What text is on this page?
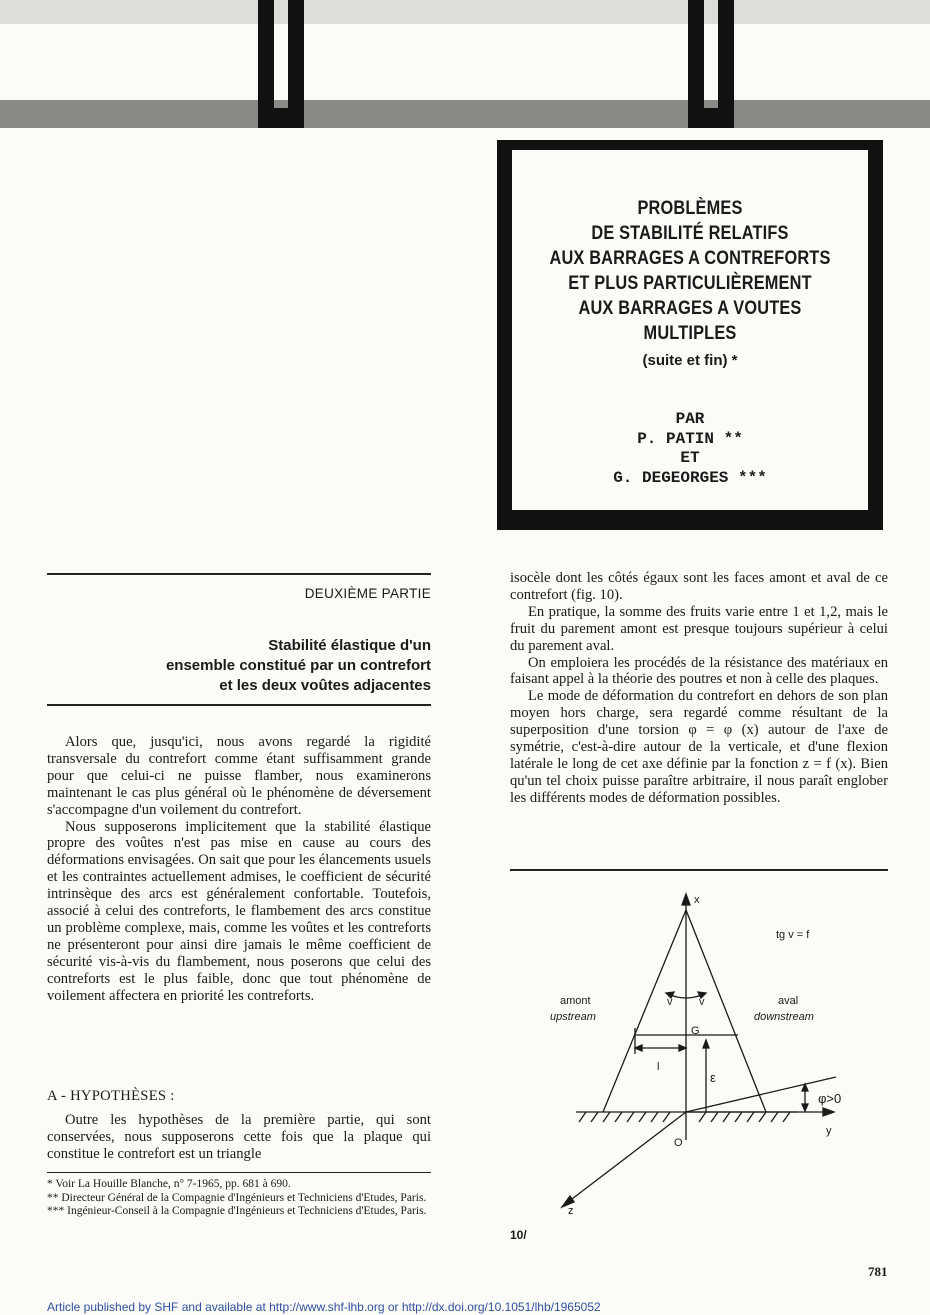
PROBLÈMES
DE STABILITÉ RELATIFS
AUX BARRAGES A CONTREFORTS
ET PLUS PARTICULIÈREMENT
AUX BARRAGES A VOUTES
MULTIPLES
(suite et fin) *
PAR
P. PATIN **
ET
G. DEGEORGES ***
DEUXIÈME PARTIE
Stabilité élastique d'un
ensemble constitué par un contrefort
et les deux voûtes adjacentes

Alors que, jusqu'ici, nous avons regardé la rigidité transversale du contrefort comme étant suffisamment grande pour que celui-ci ne puisse flamber, nous examinerons maintenant le cas plus général où le phénomène de déversement s'accompagne d'un voilement du contrefort.

Nous supposerons implicitement que la stabilité élastique propre des voûtes n'est pas mise en cause au cours des déformations envisagées. On sait que pour les élancements usuels et les contraintes actuellement admises, le coefficient de sécurité intrinsèque des arcs est généralement confortable. Toutefois, associé à celui des contreforts, le flambement des arcs constitue un problème complexe, mais, comme les voûtes et les contreforts ne présenteront pour ainsi dire jamais le même coefficient de sécurité vis-à-vis du flambement, nous poserons que celui des contreforts est le plus faible, donc que tout phénomène de voilement affectera en priorité les contreforts.

A - HYPOTHÈSES :

Outre les hypothèses de la première partie, qui sont conservées, nous supposerons cette fois que la plaque qui constitue le contrefort est un triangle

* Voir La Houille Blanche, n° 7-1965, pp. 681 à 690.
** Directeur Général de la Compagnie d'Ingénieurs et Techniciens d'Etudes, Paris.
*** Ingénieur-Conseil à la Compagnie d'Ingénieurs et Techniciens d'Etudes, Paris.

isocèle dont les côtés égaux sont les faces amont et aval de ce contrefort (fig. 10).

En pratique, la somme des fruits varie entre 1 et 1,2, mais le fruit du parement amont est presque toujours supérieur à celui du parement aval.

On emploiera les procédés de la résistance des matériaux en faisant appel à la théorie des poutres et non à celle des plaques.

Le mode de déformation du contrefort en dehors de son plan moyen hors charge, sera regardé comme résultant de la superposition d'une torsion φ = φ (x) autour de l'axe de symétrie, c'est-à-dire autour de la verticale, et d'une flexion latérale le long de cet axe définie par la fonction z = f (x). Bien qu'un tel choix puisse paraître arbitraire, il nous paraît englober les différents modes de déformation possibles.

x
y
z
O
G
l
ε
v v
φ>0
tg v = f
amont
upstream
aval
downstream
10/
781
Article published by SHF and available at http://www.shf-lhb.org or http://dx.doi.org/10.1051/lhb/1965052
